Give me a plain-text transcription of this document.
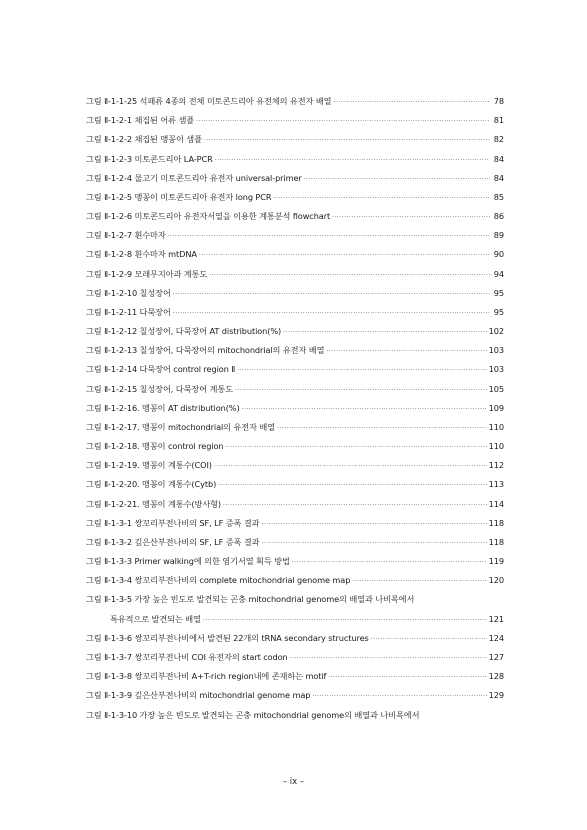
그림 Ⅱ-1-1-25 석패류 4종의 전체 미토콘드리아 유전체의 유전자 배열 ·····	78
그림 Ⅱ-1-2-1 채집된 어류 샘플 ·····	81
그림 Ⅱ-1-2-2 채집된 맹꽁이 샘플 ·····	82
그림 Ⅱ-1-2-3 미토콘드리아 LA-PCR ·····	84
그림 Ⅱ-1-2-4 물고기 미토콘드리아 유전자 universal-primer ·····	84
그림 Ⅱ-1-2-5 맹꽁이 미토콘드리아 유전자 long PCR ·····	85
그림 Ⅱ-1-2-6 미토콘드리아 유전자서열을 이용한 계통분석 flowchart ·····	86
그림 Ⅱ-1-2-7 흰수마자 ·····	89
그림 Ⅱ-1-2-8 흰수마자 mtDNA ·····	90
그림 Ⅱ-1-2-9 모래무지아과 계통도 ·····	94
그림 Ⅱ-1-2-10 칠성장어 ·····	95
그림 Ⅱ-1-2-11 다묵장어 ·····	95
그림 Ⅱ-1-2-12 칠성장어, 다묵장어 AT distribution(%) ·····	102
그림 Ⅱ-1-2-13 칠성장어, 다묵장어의 mitochondrial의 유전자 배열 ·····	103
그림 Ⅱ-1-2-14 다묵장어 control region Ⅱ ·····	103
그림 Ⅱ-1-2-15 칠성장어, 다묵장어 계통도 ·····	105
그림 Ⅱ-1-2-16. 맹꽁이 AT distribution(%) ·····	109
그림 Ⅱ-1-2-17. 맹꽁이 mitochondrial의 유전자 배열 ·····	110
그림 Ⅱ-1-2-18. 맹꽁이 control region ·····	110
그림 Ⅱ-1-2-19. 맹꽁이 계통수(COI) ·····	112
그림 Ⅱ-1-2-20. 맹꽁이 계통수(Cytb) ·····	113
그림 Ⅱ-1-2-21. 맹꽁이 계통수(방사형) ·····	114
그림 Ⅱ-1-3-1 쌍꼬리부전나비의 SF, LF 증폭 결과 ·····	118
그림 Ⅱ-1-3-2 깊은산부전나비의 SF, LF 증폭 결과 ·····	118
그림 Ⅱ-1-3-3 Primer walking에 의한 염기서열 획득 방법 ·····	119
그림 Ⅱ-1-3-4 쌍꼬리부전나비의 complete mitochondrial genome map ·····	120
그림 Ⅱ-1-3-5 가장 높은 빈도로 발견되는 곤충 mitochondrial genome의 배열과 나비목에서
특유적으로 발견되는 배열 ·····	121
그림 Ⅱ-1-3-6 쌍꼬리부전나비에서 발견된 22개의 tRNA secondary structures ·····	124
그림 Ⅱ-1-3-7 쌍꼬리부전나비 COI 유전자의 start codon ·····	127
그림 Ⅱ-1-3-8 쌍꼬리부전나비 A+T-rich region내에 존재하는 motif ·····	128
그림 Ⅱ-1-3-9 깊은산부전나비의 mitochondrial genome map ·····	129
그림 Ⅱ-1-3-10 가장 높은 빈도로 발견되는 곤충 mitochondrial genome의 배열과 나비목에서
– ix –
